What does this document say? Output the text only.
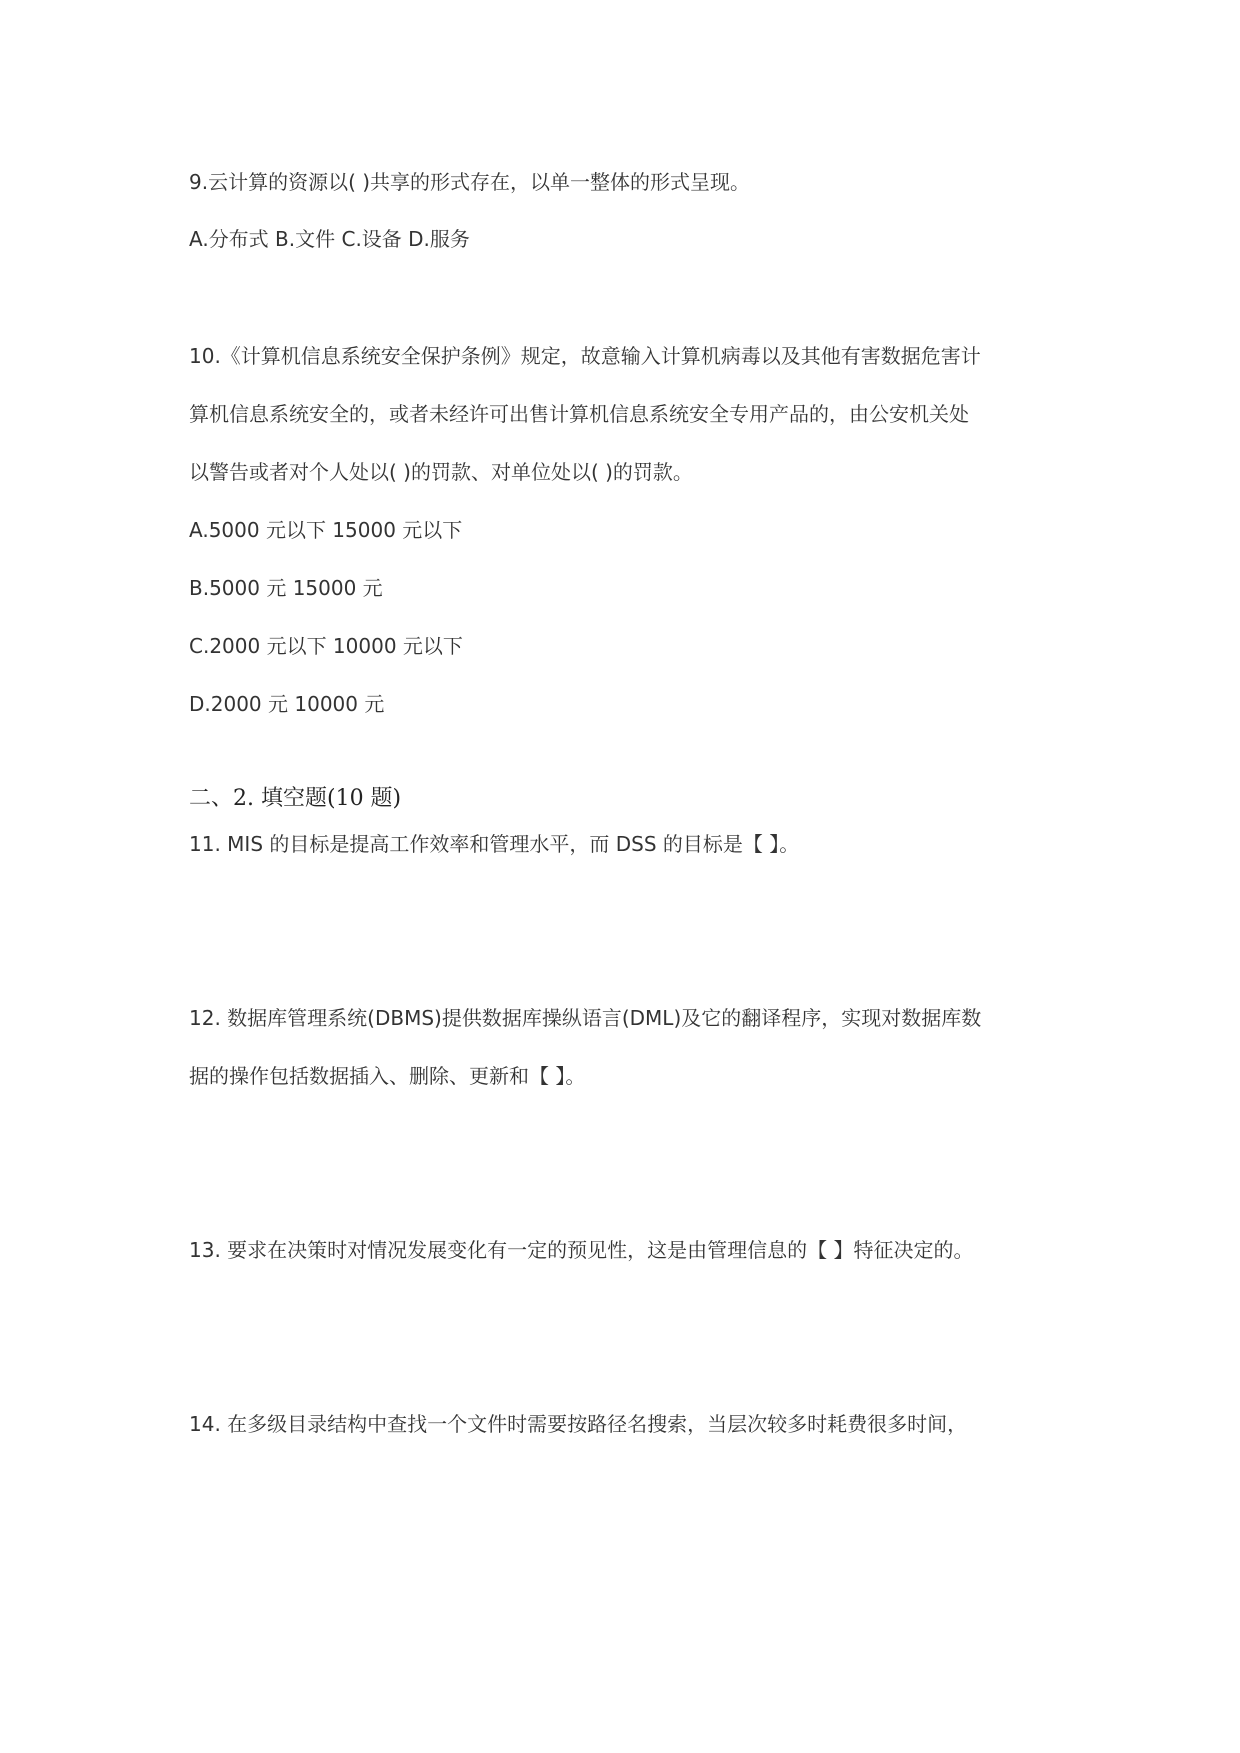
9.云计算的资源以( )共享的形式存在，以单一整体的形式呈现。
A.分布式 B.文件 C.设备 D.服务
10.《计算机信息系统安全保护条例》规定，故意输入计算机病毒以及其他有害数据危害计
算机信息系统安全的，或者未经许可出售计算机信息系统安全专用产品的，由公安机关处
以警告或者对个人处以( )的罚款、对单位处以( )的罚款。
A.5000 元以下 15000 元以下
B.5000 元 15000 元
C.2000 元以下 10000 元以下
D.2000 元 10000 元
二、2. 填空题(10 题)
11. MIS 的目标是提高工作效率和管理水平，而 DSS 的目标是【 】。
12. 数据库管理系统(DBMS)提供数据库操纵语言(DML)及它的翻译程序，实现对数据库数
据的操作包括数据插入、删除、更新和【 】。
13. 要求在决策时对情况发展变化有一定的预见性，这是由管理信息的【 】特征决定的。
14. 在多级目录结构中查找一个文件时需要按路径名搜索，当层次较多时耗费很多时间，
